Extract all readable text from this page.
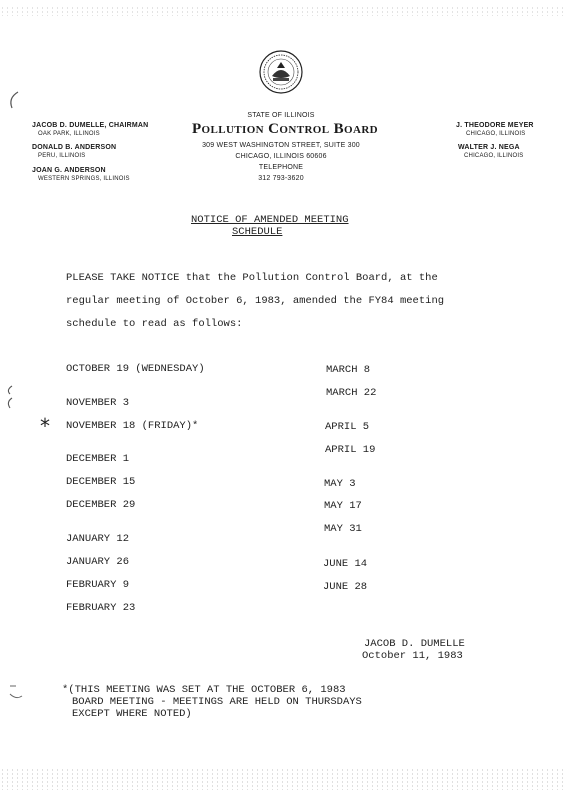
STATE OF ILLINOIS
Pollution Control Board
309 WEST WASHINGTON STREET, SUITE 300
CHICAGO, ILLINOIS 60606
TELEPHONE
312 793-3620
JACOB D. DUMELLE, CHAIRMAN
OAK PARK, ILLINOIS
DONALD B. ANDERSON
PERU, ILLINOIS
JOAN G. ANDERSON
WESTERN SPRINGS, ILLINOIS
J. THEODORE MEYER
CHICAGO, ILLINOIS
WALTER J. NEGA
CHICAGO, ILLINOIS
NOTICE OF AMENDED MEETING
SCHEDULE
PLEASE TAKE NOTICE that the Pollution Control Board, at the
regular meeting of October 6, 1983, amended the FY84 meeting
schedule to read as follows:
OCTOBER 19 (WEDNESDAY)
NOVEMBER 3
* NOVEMBER 18 (FRIDAY)*
DECEMBER 1
DECEMBER 15
DECEMBER 29
JANUARY 12
JANUARY 26
FEBRUARY 9
FEBRUARY 23
MARCH 8
MARCH 22
APRIL 5
APRIL 19
MAY 3
MAY 17
MAY 31
JUNE 14
JUNE 28
JACOB D. DUMELLE
October 11, 1983
*(THIS MEETING WAS SET AT THE OCTOBER 6, 1983
BOARD MEETING - MEETINGS ARE HELD ON THURSDAYS
EXCEPT WHERE NOTED)
